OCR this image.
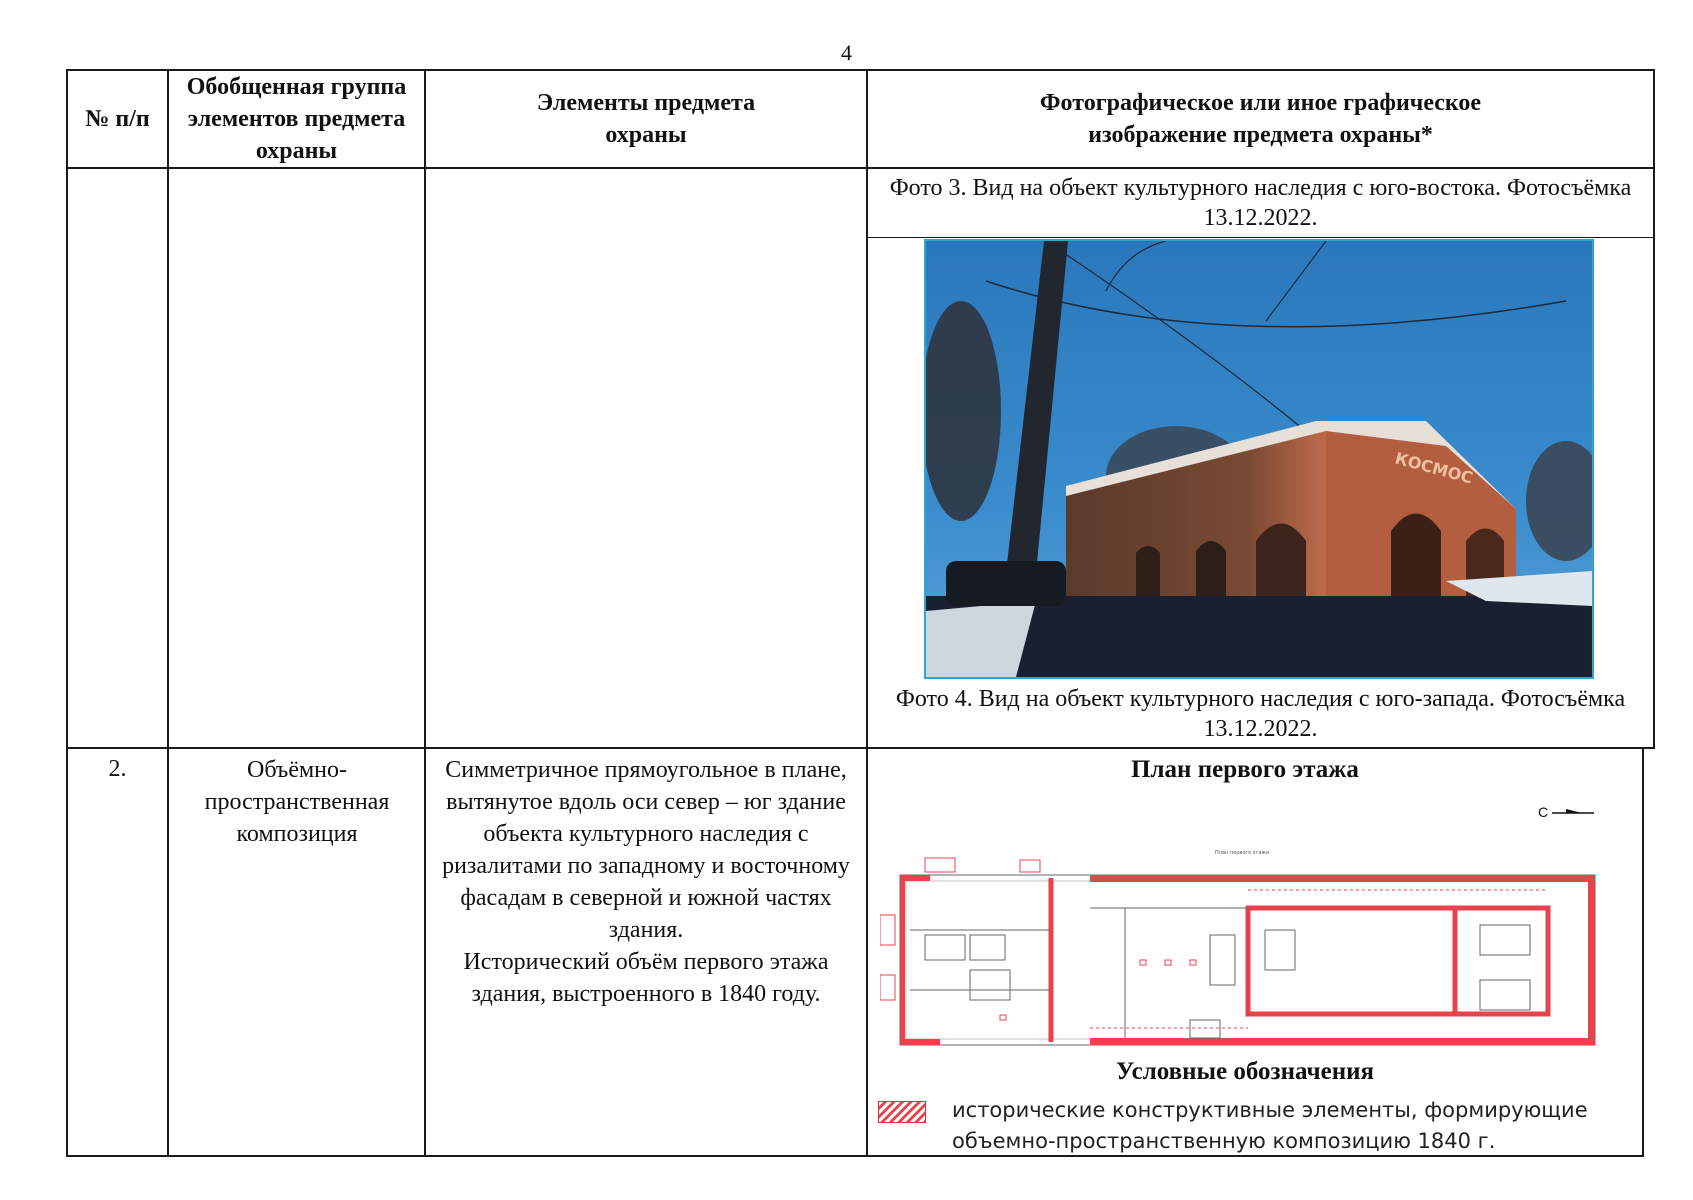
4
№ п/п
Обобщенная группа элементов предмета охраны
Элементы предмета охраны
Фотографическое или иное графическое изображение предмета охраны*
Фото 3. Вид на объект культурного наследия с юго-востока. Фотосъёмка 13.12.2022.
КОСМОС
Фото 4. Вид на объект культурного наследия с юго-запада. Фотосъёмка 13.12.2022.
2.	Объёмно-пространственная композиция
Симметричное прямоугольное в плане, вытянутое вдоль оси север – юг здание объекта культурного наследия с ризалитами по западному и восточному фасадам в северной и южной частях здания.
Исторический объём первого этажа здания, выстроенного в 1840 году.
План первого этажа
С
План первого этажа
Условные обозначения
исторические конструктивные элементы, формирующие объемно-пространственную композицию 1840 г.
